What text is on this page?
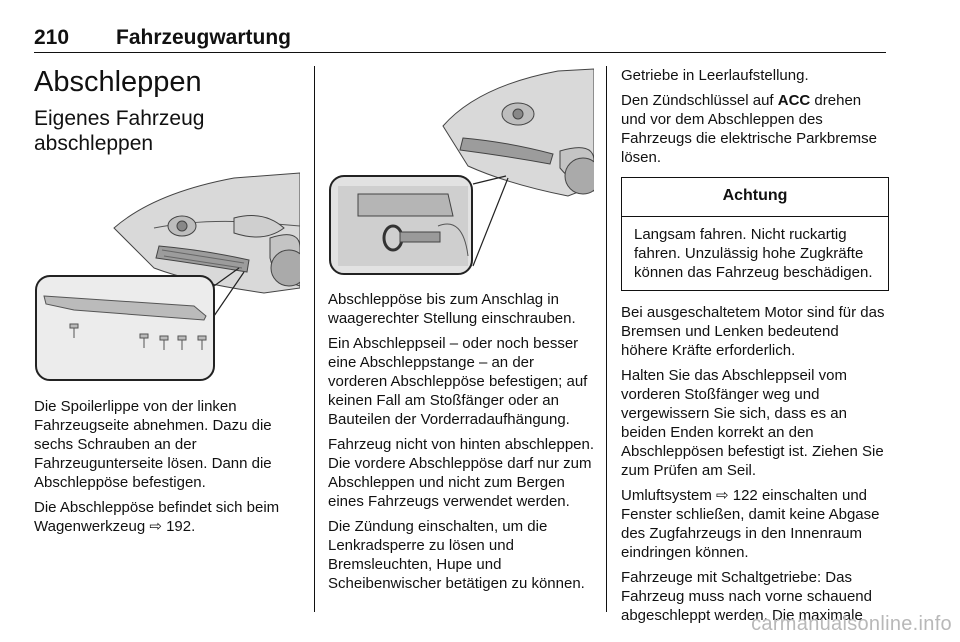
210 Fahrzeugwartung
Abschleppen
Eigenes Fahrzeug
abschleppen

Die Spoilerlippe von der linken Fahrzeugseite abnehmen. Dazu die sechs Schrauben an der Fahrzeugunterseite lösen. Dann die Abschleppöse befestigen.

Die Abschleppöse befindet sich beim Wagenwerkzeug ⇨ 192.

Abschleppöse bis zum Anschlag in waagerechter Stellung einschrauben.

Ein Abschleppseil – oder noch besser eine Abschleppstange – an der vorderen Abschleppöse befestigen; auf keinen Fall am Stoßfänger oder an Bauteilen der Vorderradaufhängung.

Fahrzeug nicht von hinten abschleppen. Die vordere Abschleppöse darf nur zum Abschleppen und nicht zum Bergen eines Fahrzeugs verwendet werden.

Die Zündung einschalten, um die Lenkradsperre zu lösen und Bremsleuchten, Hupe und Scheibenwischer betätigen zu können.

Getriebe in Leerlaufstellung.

Den Zündschlüssel auf ACC drehen und vor dem Abschleppen des Fahrzeugs die elektrische Parkbremse lösen.

Achtung
Langsam fahren. Nicht ruckartig fahren. Unzulässig hohe Zugkräfte können das Fahrzeug beschädigen.

Bei ausgeschaltetem Motor sind für das Bremsen und Lenken bedeutend höhere Kräfte erforderlich.

Halten Sie das Abschleppseil vom vorderen Stoßfänger weg und vergewissern Sie sich, dass es an beiden Enden korrekt an den Abschleppösen befestigt ist. Ziehen Sie zum Prüfen am Seil.

Umluftsystem ⇨ 122 einschalten und Fenster schließen, damit keine Abgase des Zugfahrzeugs in den Innenraum eindringen können.

Fahrzeuge mit Schaltgetriebe: Das Fahrzeug muss nach vorne schauend abgeschleppt werden. Die maximale

carmanualsonline.info
